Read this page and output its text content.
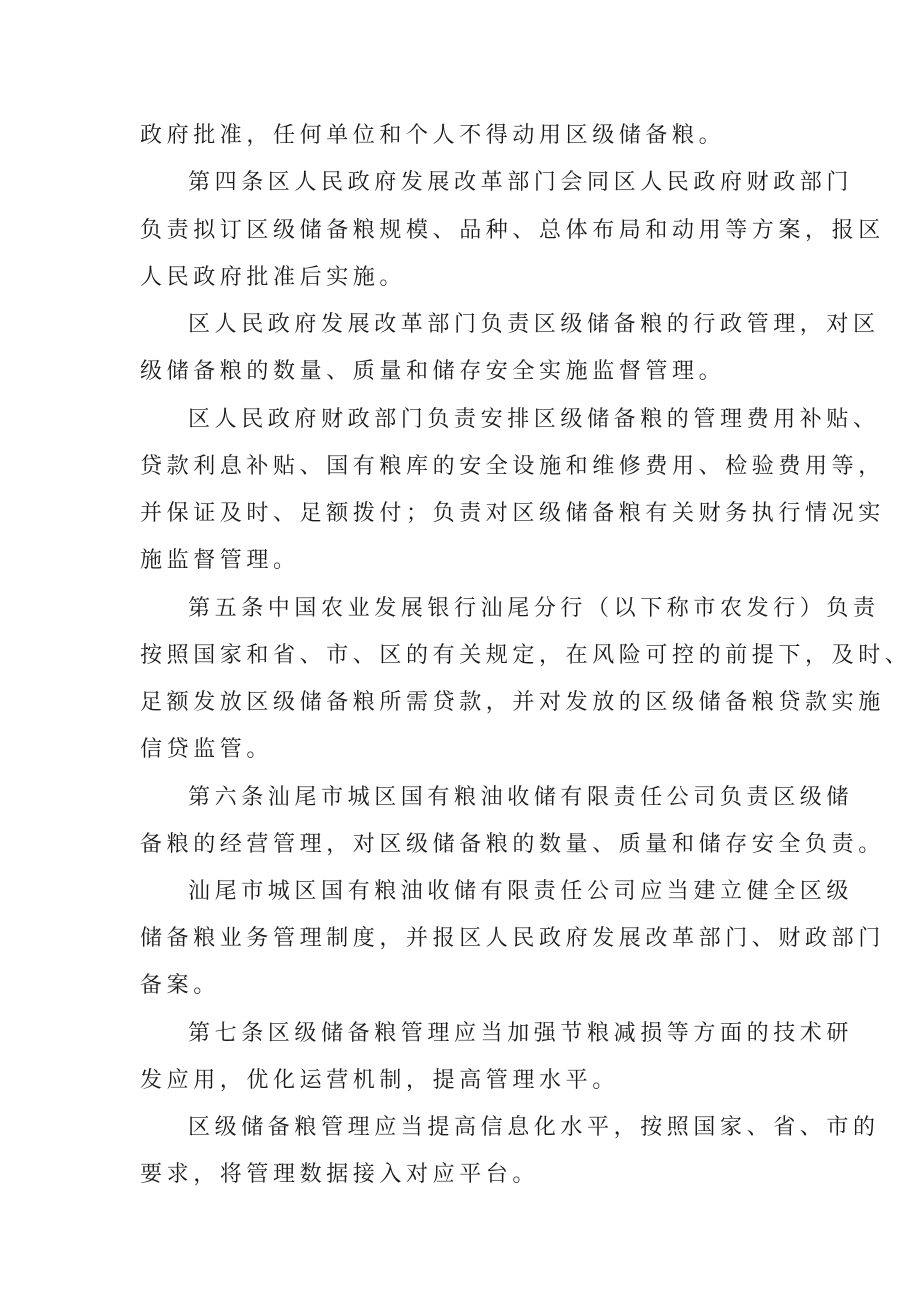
政府批准，任何单位和个人不得动用区级储备粮。

第四条区人民政府发展改革部门会同区人民政府财政部门

负责拟订区级储备粮规模、品种、总体布局和动用等方案，报区

人民政府批准后实施。

区人民政府发展改革部门负责区级储备粮的行政管理，对区

级储备粮的数量、质量和储存安全实施监督管理。

区人民政府财政部门负责安排区级储备粮的管理费用补贴、

贷款利息补贴、国有粮库的安全设施和维修费用、检验费用等，

并保证及时、足额拨付；负责对区级储备粮有关财务执行情况实

施监督管理。

第五条中国农业发展银行汕尾分行（以下称市农发行）负责

按照国家和省、市、区的有关规定，在风险可控的前提下，及时、

足额发放区级储备粮所需贷款，并对发放的区级储备粮贷款实施

信贷监管。

第六条汕尾市城区国有粮油收储有限责任公司负责区级储

备粮的经营管理，对区级储备粮的数量、质量和储存安全负责。

汕尾市城区国有粮油收储有限责任公司应当建立健全区级

储备粮业务管理制度，并报区人民政府发展改革部门、财政部门

备案。

第七条区级储备粮管理应当加强节粮减损等方面的技术研

发应用，优化运营机制，提高管理水平。

区级储备粮管理应当提高信息化水平，按照国家、省、市的

要求，将管理数据接入对应平台。
